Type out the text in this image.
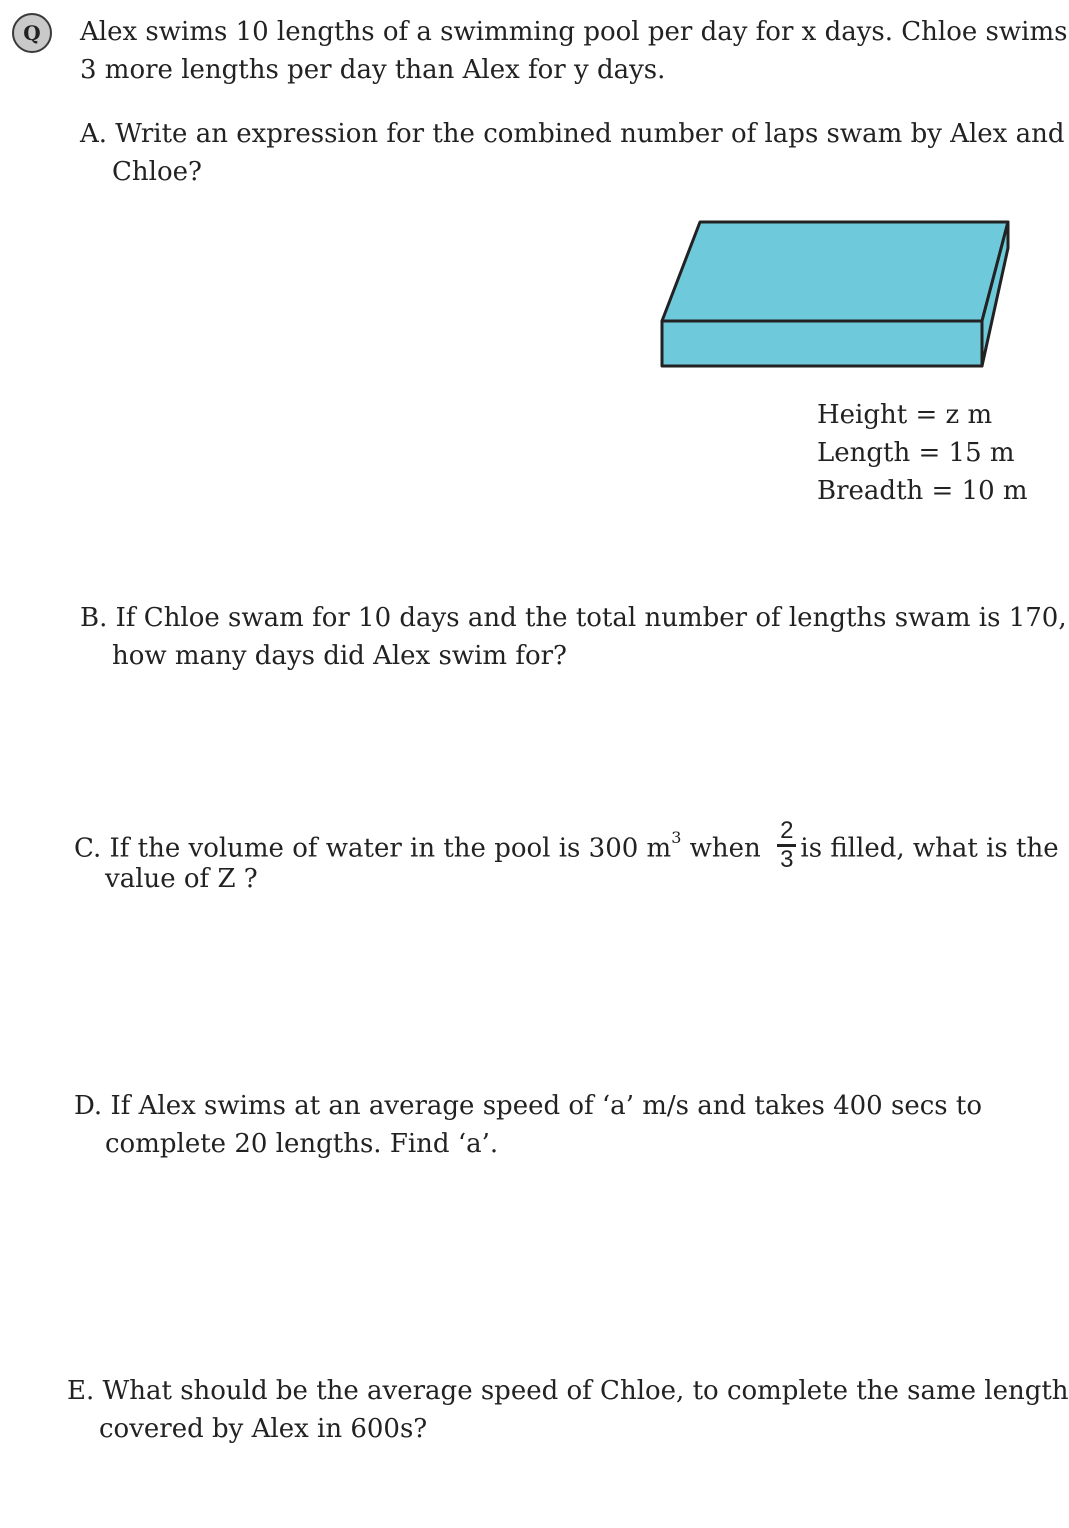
Q	Alex swims 10 lengths of a swimming pool per day for x days. Chloe swims
3 more lengths per day than Alex for y days.
A. Write an expression for the combined number of laps swam by Alex and
Chloe?
Height = z m
Length = 15 m
Breadth = 10 m
B. If Chloe swam for 10 days and the total number of lengths swam is 170,
how many days did Alex swim for?
C. If the volume of water in the pool is 300 $m^3$ when $\frac{2}{3}$ is filled, what is the
value of Z ?
D. If Alex swims at an average speed of ‘a’ m/s and takes 400 secs to
complete 20 lengths. Find ‘a’.
E. What should be the average speed of Chloe, to complete the same length
covered by Alex in 600s?
